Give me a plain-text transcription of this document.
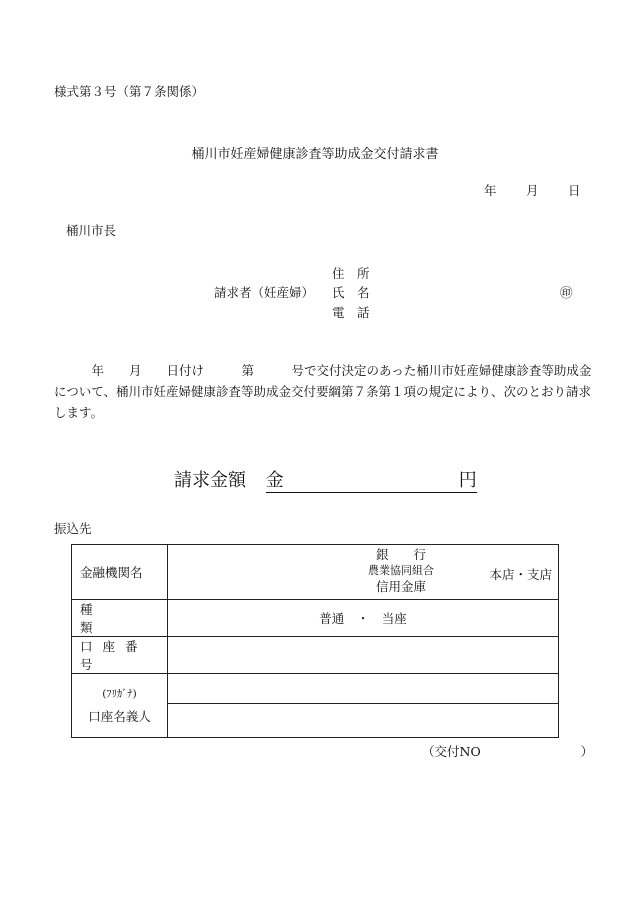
様式第３号（第７条関係）
桶川市妊産婦健康診査等助成金交付請求書
年 月 日
桶川市長
住　所
請求者（妊産婦） 氏　名	㊞
電　話
　　　年　　月　　日付け　　　第　　　号で交付決定のあった桶川市妊産婦健康診査等助成金について、桶川市妊産婦健康診査等助成金交付要綱第７条第１項の規定により、次のとおり請求します。
請求金額 金	円
振込先
金融機関名	銀　　行
農業協同組合
信用金庫
本店・支店

種類	普通　・　当座
口座番号	

(ﾌﾘｶﾞﾅ)
口座名義人	

（交付NO　　　　　　　　）
